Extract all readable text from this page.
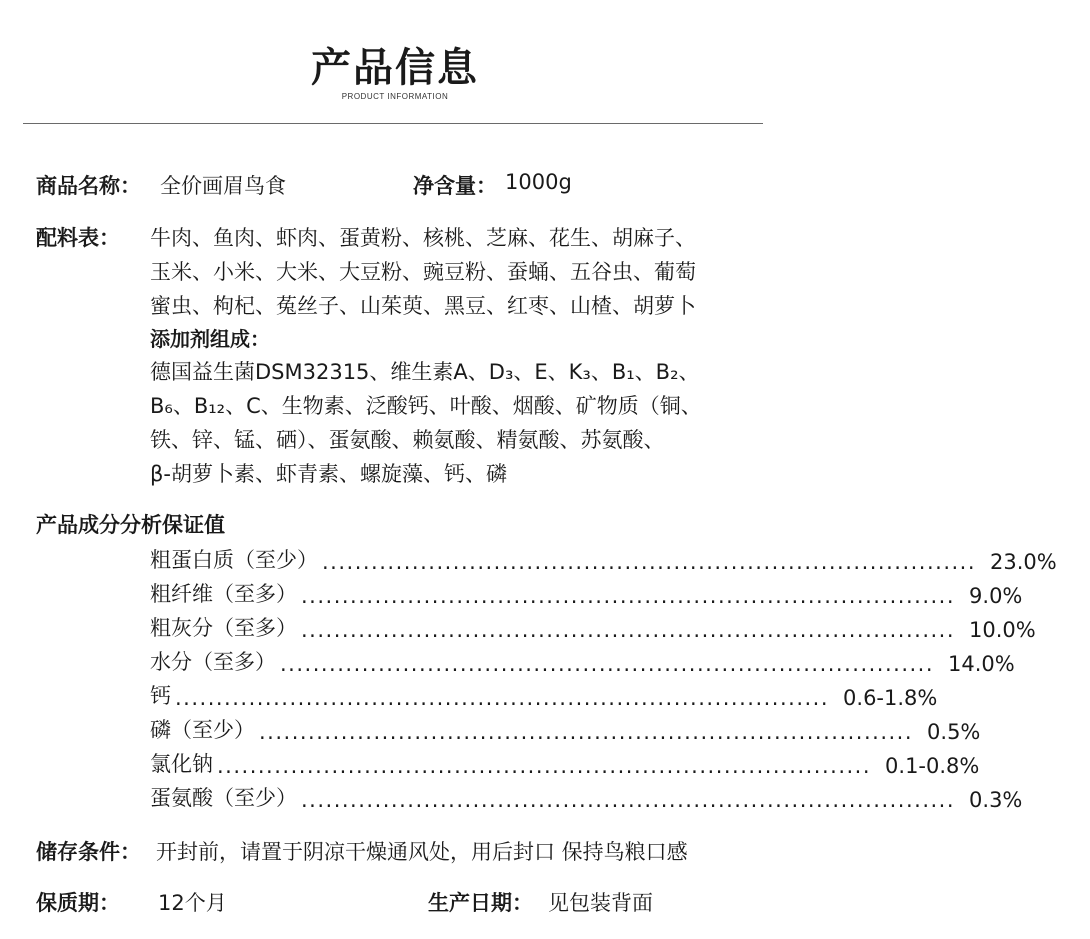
产品信息
PRODUCT INFORMATION
商品名称： 全价画眉鸟食	净含量： 1000g
配料表： 牛肉、鱼肉、虾肉、蛋黄粉、核桃、芝麻、花生、胡麻子、
玉米、小米、大米、大豆粉、豌豆粉、蚕蛹、五谷虫、葡萄
蜜虫、枸杞、菟丝子、山茱萸、黑豆、红枣、山楂、胡萝卜
添加剂组成：
德国益生菌DSM32315、维生素A、D₃、E、K₃、B₁、B₂、
B₆、B₁₂、C、生物素、泛酸钙、叶酸、烟酸、矿物质（铜、
铁、锌、锰、硒）、蛋氨酸、赖氨酸、精氨酸、苏氨酸、
β-胡萝卜素、虾青素、螺旋藻、钙、磷
产品成分分析保证值
粗蛋白质（至少） ................................................................................ 23.0%
粗纤维（至多） ................................................................................ 9.0%
粗灰分（至多） ................................................................................ 10.0%
水分（至多） ................................................................................ 14.0%
钙 ................................................................................ 0.6-1.8%
磷（至少） ................................................................................ 0.5%
氯化钠 ................................................................................ 0.1-0.8%
蛋氨酸（至少） ................................................................................ 0.3%
储存条件： 开封前，请置于阴凉干燥通风处，用后封口 保持鸟粮口感
保质期： 12个月	生产日期： 见包装背面
